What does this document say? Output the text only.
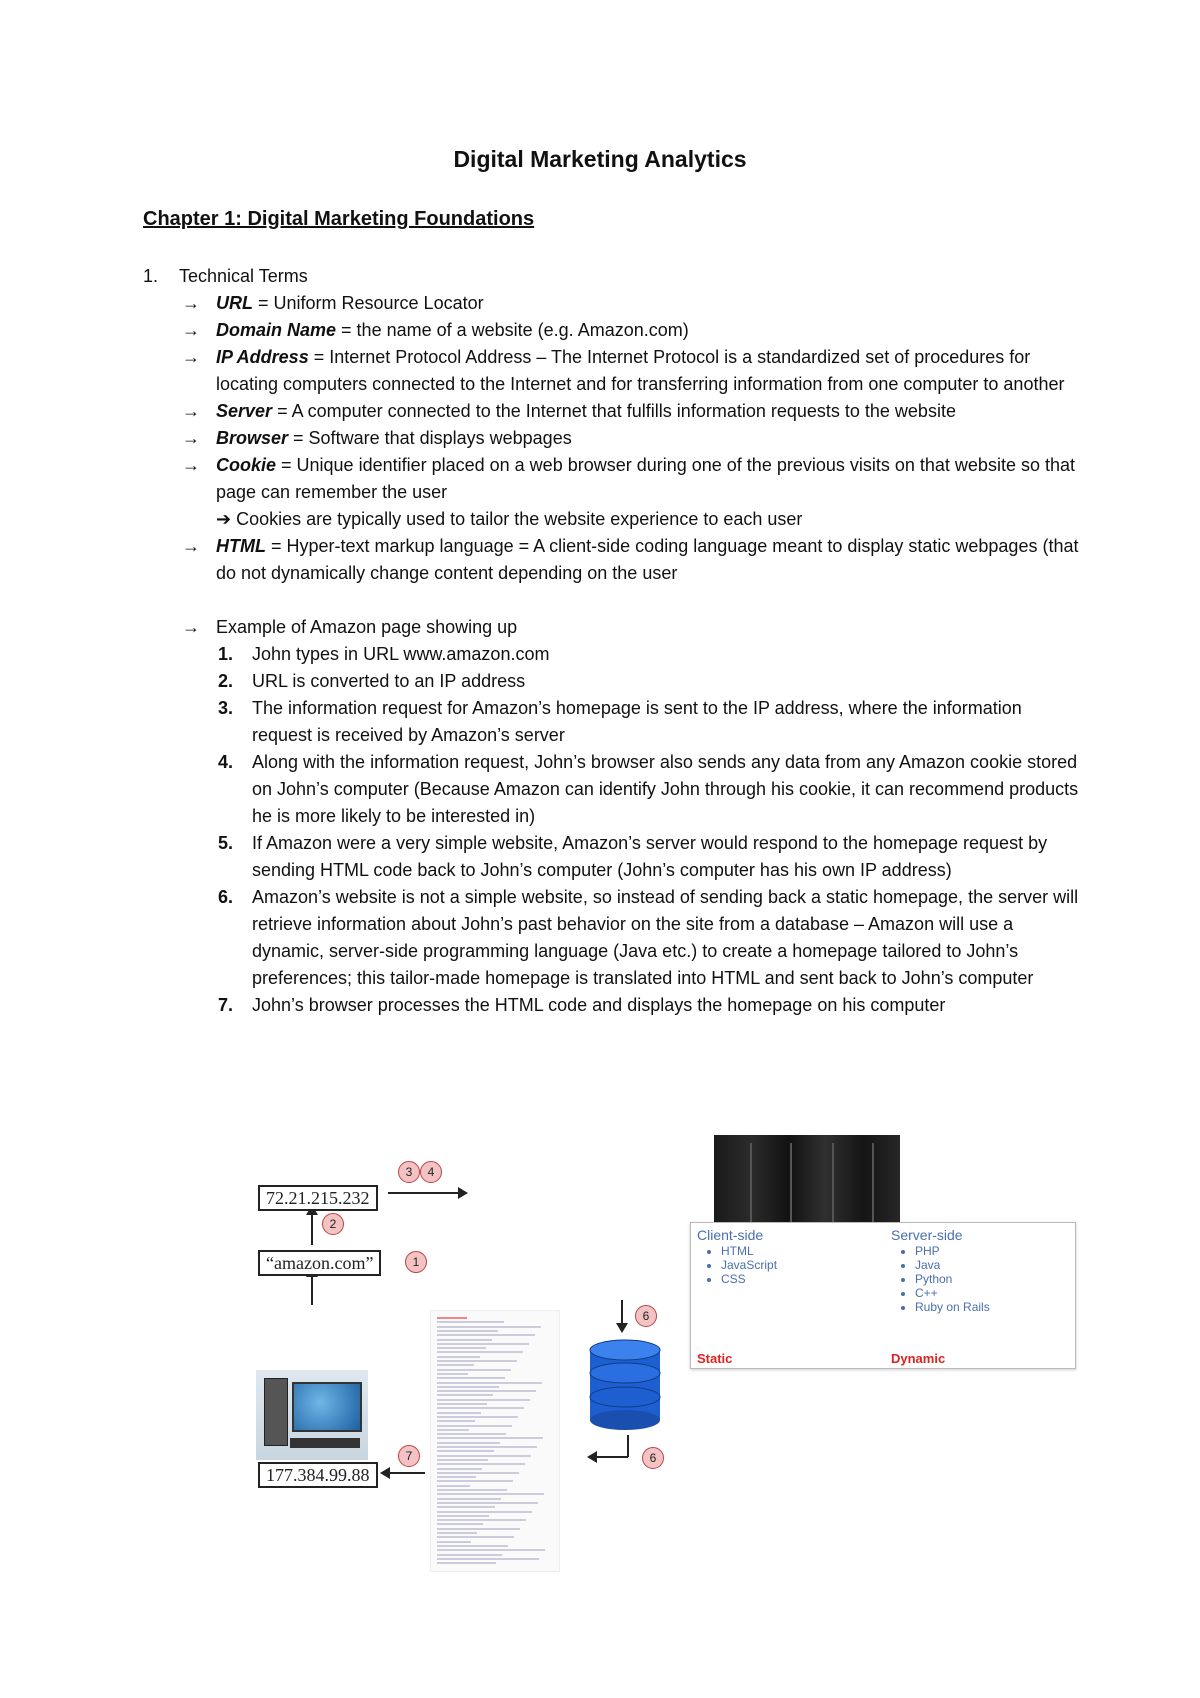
Digital Marketing Analytics
Chapter 1: Digital Marketing Foundations
1. Technical Terms
→ URL = Uniform Resource Locator
→ Domain Name = the name of a website (e.g. Amazon.com)
→ IP Address = Internet Protocol Address – The Internet Protocol is a standardized set of procedures for locating computers connected to the Internet and for transferring information from one computer to another
→ Server = A computer connected to the Internet that fulfills information requests to the website
→ Browser = Software that displays webpages
→ Cookie = Unique identifier placed on a web browser during one of the previous visits on that website so that page can remember the user
➔ Cookies are typically used to tailor the website experience to each user
→ HTML = Hyper-text markup language = A client-side coding language meant to display static webpages (that do not dynamically change content depending on the user
→ Example of Amazon page showing up
1. John types in URL www.amazon.com
2. URL is converted to an IP address
3. The information request for Amazon’s homepage is sent to the IP address, where the information request is received by Amazon’s server
4. Along with the information request, John’s browser also sends any data from any Amazon cookie stored on John’s computer (Because Amazon can identify John through his cookie, it can recommend products he is more likely to be interested in)
5. If Amazon were a very simple website, Amazon’s server would respond to the homepage request by sending HTML code back to John’s computer (John’s computer has his own IP address)
6. Amazon’s website is not a simple website, so instead of sending back a static homepage, the server will retrieve information about John’s past behavior on the site from a database – Amazon will use a dynamic, server-side programming language (Java etc.) to create a homepage tailored to John’s preferences; this tailor-made homepage is translated into HTML and sent back to John’s computer
7. John’s browser processes the HTML code and displays the homepage on his computer
72.21.215.232
“amazon.com”
177.384.99.88
1
2
3	4
6
6
7
Client-side
• HTML
• JavaScript
• CSS
Server-side
• PHP
• Java
• Python
• C++
• Ruby on Rails
Static	Dynamic
